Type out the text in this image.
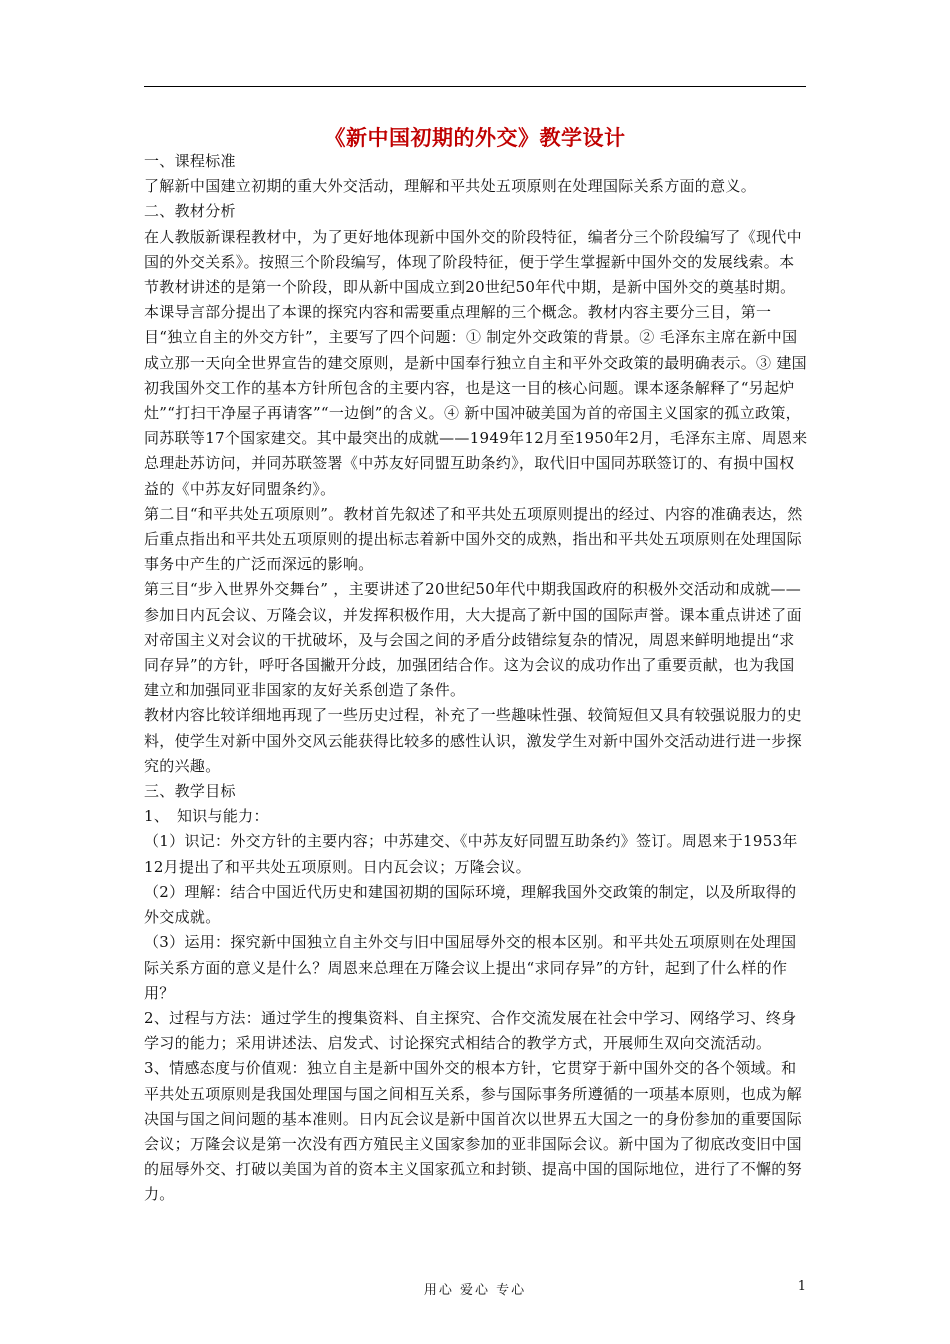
《新中国初期的外交》教学设计

一、课程标准

了解新中国建立初期的重大外交活动，理解和平共处五项原则在处理国际关系方面的意义。

二、教材分析

在人教版新课程教材中，为了更好地体现新中国外交的阶段特征，编者分三个阶段编写了《现代中国的外交关系》。按照三个阶段编写，体现了阶段特征，便于学生掌握新中国外交的发展线索。本节教材讲述的是第一个阶段，即从新中国成立到20世纪50年代中期，是新中国外交的奠基时期。

本课导言部分提出了本课的探究内容和需要重点理解的三个概念。教材内容主要分三目，第一目“独立自主的外交方针”，主要写了四个问题：① 制定外交政策的背景。② 毛泽东主席在新中国成立那一天向全世界宣告的建交原则，是新中国奉行独立自主和平外交政策的最明确表示。③ 建国初我国外交工作的基本方针所包含的主要内容，也是这一目的核心问题。课本逐条解释了“另起炉灶”“打扫干净屋子再请客”“一边倒”的含义。④ 新中国冲破美国为首的帝国主义国家的孤立政策，同苏联等17个国家建交。其中最突出的成就——1949年12月至1950年2月，毛泽东主席、周恩来总理赴苏访问，并同苏联签署《中苏友好同盟互助条约》，取代旧中国同苏联签订的、有损中国权益的《中苏友好同盟条约》。

第二目“和平共处五项原则”。教材首先叙述了和平共处五项原则提出的经过、内容的准确表达，然后重点指出和平共处五项原则的提出标志着新中国外交的成熟，指出和平共处五项原则在处理国际事务中产生的广泛而深远的影响。

第三目“步入世界外交舞台” ，主要讲述了20世纪50年代中期我国政府的积极外交活动和成就——参加日内瓦会议、万隆会议，并发挥积极作用，大大提高了新中国的国际声誉。课本重点讲述了面对帝国主义对会议的干扰破坏，及与会国之间的矛盾分歧错综复杂的情况，周恩来鲜明地提出“求同存异”的方针，呼吁各国撇开分歧，加强团结合作。这为会议的成功作出了重要贡献，也为我国建立和加强同亚非国家的友好关系创造了条件。

教材内容比较详细地再现了一些历史过程，补充了一些趣味性强、较简短但又具有较强说服力的史料，使学生对新中国外交风云能获得比较多的感性认识，激发学生对新中国外交活动进行进一步探究的兴趣。

三、教学目标

1、　知识与能力：

（1）识记：外交方针的主要内容；中苏建交、《中苏友好同盟互助条约》签订。周恩来于1953年12月提出了和平共处五项原则。日内瓦会议；万隆会议。

（2）理解：结合中国近代历史和建国初期的国际环境，理解我国外交政策的制定，以及所取得的外交成就。

（3）运用：探究新中国独立自主外交与旧中国屈辱外交的根本区别。和平共处五项原则在处理国际关系方面的意义是什么？周恩来总理在万隆会议上提出“求同存异”的方针，起到了什么样的作用？

2、过程与方法：通过学生的搜集资料、自主探究、合作交流发展在社会中学习、网络学习、终身学习的能力；采用讲述法、启发式、讨论探究式相结合的教学方式，开展师生双向交流活动。

3、情感态度与价值观：独立自主是新中国外交的根本方针，它贯穿于新中国外交的各个领域。和平共处五项原则是我国处理国与国之间相互关系，参与国际事务所遵循的一项基本原则，也成为解决国与国之间问题的基本准则。日内瓦会议是新中国首次以世界五大国之一的身份参加的重要国际会议；万隆会议是第一次没有西方殖民主义国家参加的亚非国际会议。新中国为了彻底改变旧中国的屈辱外交、打破以美国为首的资本主义国家孤立和封锁、提高中国的国际地位，进行了不懈的努力。

用心 爱心 专心	1
